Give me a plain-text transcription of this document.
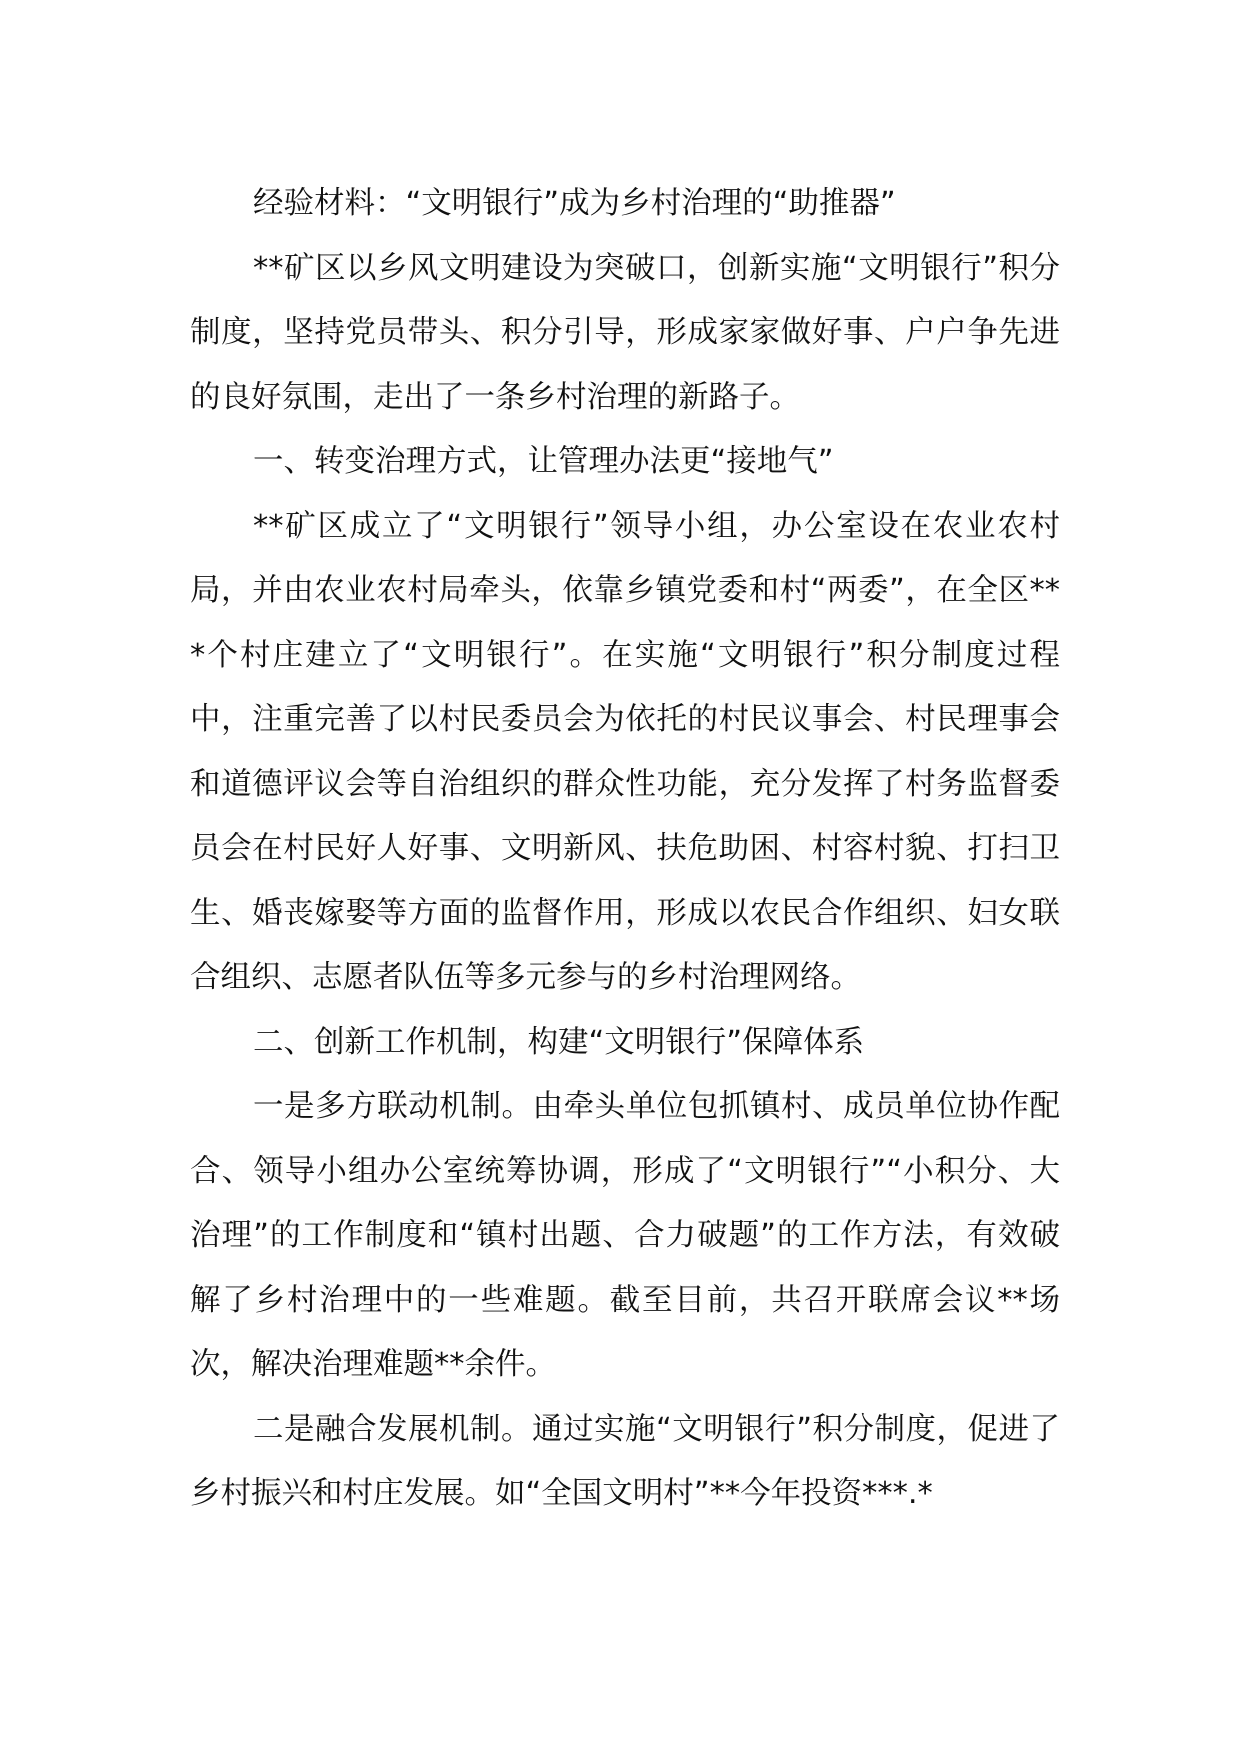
经验材料：“文明银行”成为乡村治理的“助推器”

**矿区以乡风文明建设为突破口，创新实施“文明银行”积分制度，坚持党员带头、积分引导，形成家家做好事、户户争先进的良好氛围，走出了一条乡村治理的新路子。

一、转变治理方式，让管理办法更“接地气”

**矿区成立了“文明银行”领导小组，办公室设在农业农村局，并由农业农村局牵头，依靠乡镇党委和村“两委”，在全区***个村庄建立了“文明银行”。在实施“文明银行”积分制度过程中，注重完善了以村民委员会为依托的村民议事会、村民理事会和道德评议会等自治组织的群众性功能，充分发挥了村务监督委员会在村民好人好事、文明新风、扶危助困、村容村貌、打扫卫生、婚丧嫁娶等方面的监督作用，形成以农民合作组织、妇女联合组织、志愿者队伍等多元参与的乡村治理网络。

二、创新工作机制，构建“文明银行”保障体系

一是多方联动机制。由牵头单位包抓镇村、成员单位协作配合、领导小组办公室统筹协调，形成了“文明银行”“小积分、大治理”的工作制度和“镇村出题、合力破题”的工作方法，有效破解了乡村治理中的一些难题。截至目前，共召开联席会议**场次，解决治理难题**余件。

二是融合发展机制。通过实施“文明银行”积分制度，促进了乡村振兴和村庄发展。如“全国文明村”**今年投资***.*
